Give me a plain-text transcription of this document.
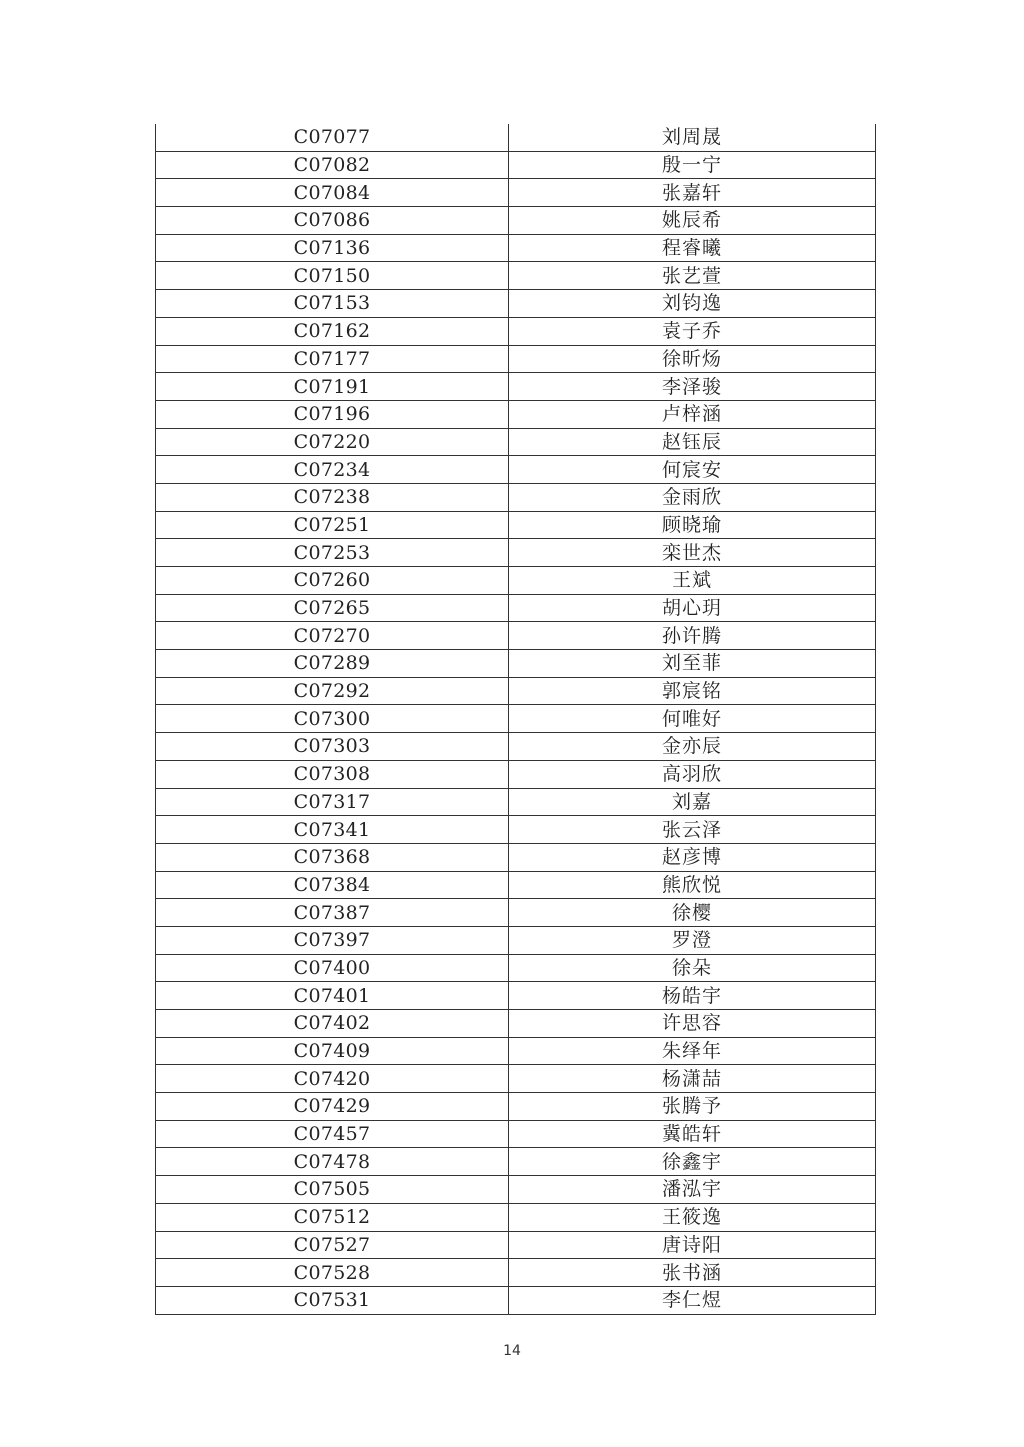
C07077	刘周晟
C07082	殷一宁
C07084	张嘉轩
C07086	姚辰希
C07136	程睿曦
C07150	张艺萱
C07153	刘钧逸
C07162	袁子乔
C07177	徐昕炀
C07191	李泽骏
C07196	卢梓涵
C07220	赵钰辰
C07234	何宸安
C07238	金雨欣
C07251	顾晓瑜
C07253	栾世杰
C07260	王斌
C07265	胡心玥
C07270	孙许腾
C07289	刘至菲
C07292	郭宸铭
C07300	何唯好
C07303	金亦辰
C07308	高羽欣
C07317	刘嘉
C07341	张云泽
C07368	赵彦博
C07384	熊欣悦
C07387	徐樱
C07397	罗澄
C07400	徐朵
C07401	杨皓宇
C07402	许思容
C07409	朱绎年
C07420	杨潇喆
C07429	张腾予
C07457	冀皓轩
C07478	徐鑫宇
C07505	潘泓宇
C07512	王筱逸
C07527	唐诗阳
C07528	张书涵
C07531	李仁煜
14
